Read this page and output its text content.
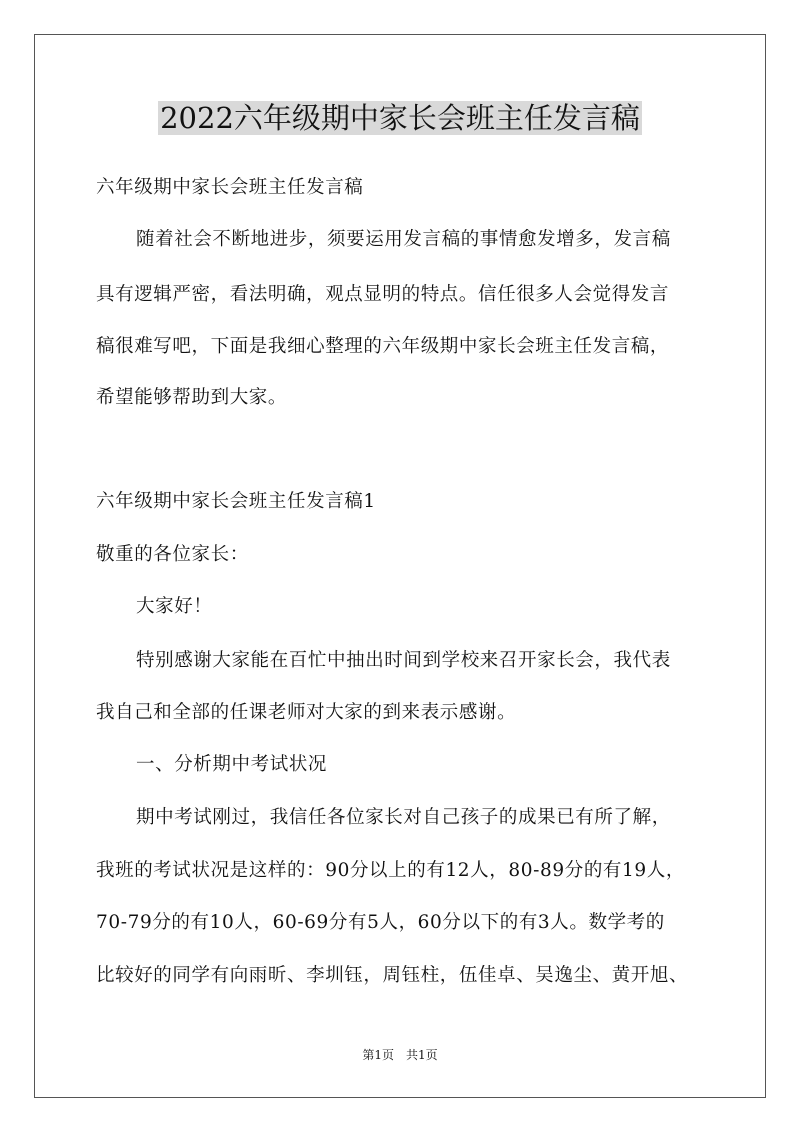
2022六年级期中家长会班主任发言稿
六年级期中家长会班主任发言稿
随着社会不断地进步，须要运用发言稿的事情愈发增多，发言稿
具有逻辑严密，看法明确，观点显明的特点。信任很多人会觉得发言
稿很难写吧，下面是我细心整理的六年级期中家长会班主任发言稿，
希望能够帮助到大家。
六年级期中家长会班主任发言稿1
敬重的各位家长：
大家好！
特别感谢大家能在百忙中抽出时间到学校来召开家长会，我代表
我自己和全部的任课老师对大家的到来表示感谢。
一、分析期中考试状况
期中考试刚过，我信任各位家长对自己孩子的成果已有所了解，
我班的考试状况是这样的：90分以上的有12人，80-89分的有19人，
70-79分的有10人，60-69分有5人，60分以下的有3人。数学考的
比较好的同学有向雨昕、李圳钰，周钰柱，伍佳卓、吴逸尘、黄开旭、
第1页　共1页
